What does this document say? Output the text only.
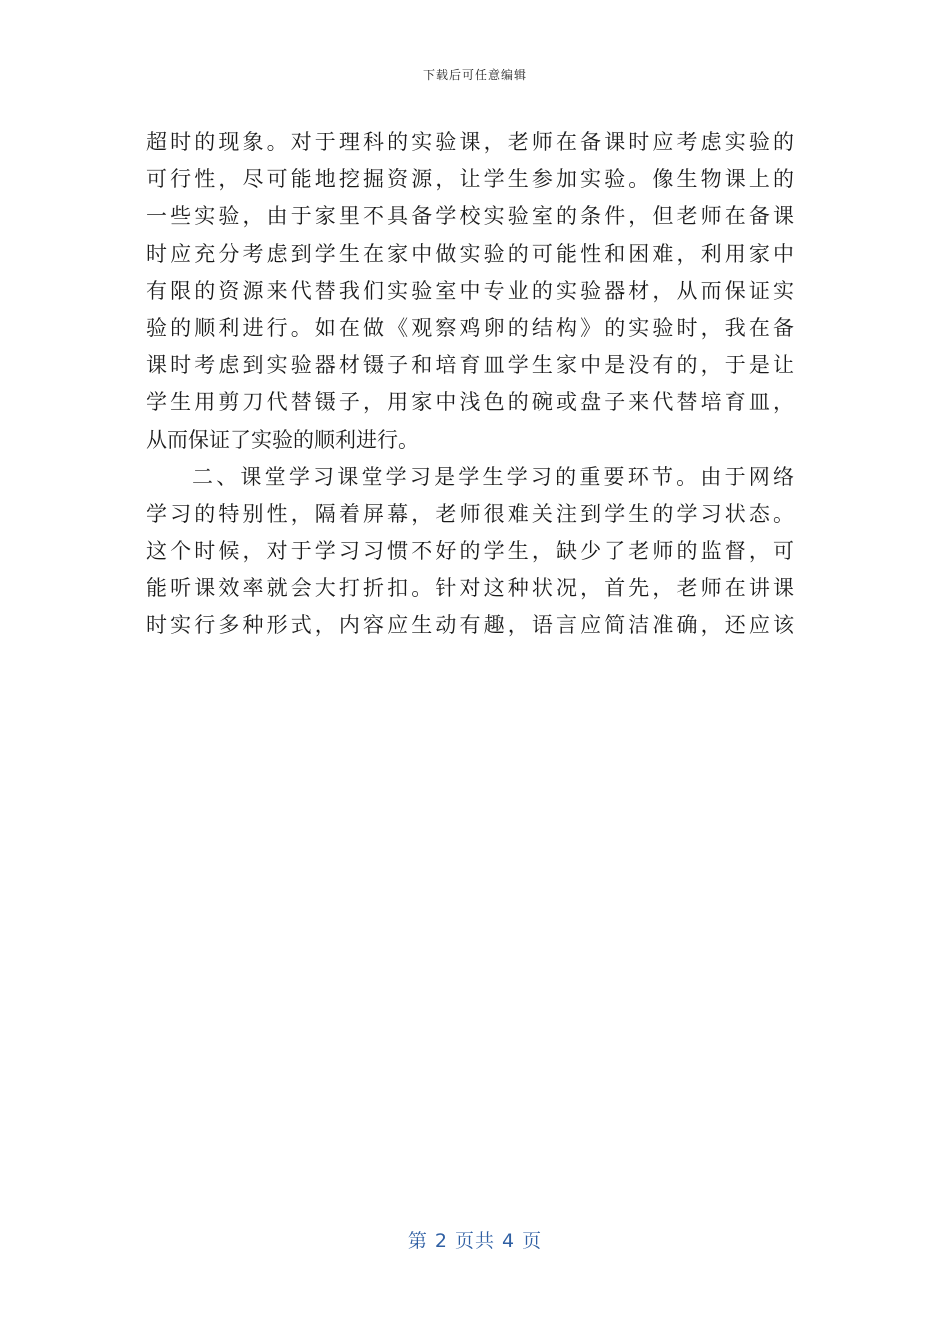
下载后可任意编辑
超时的现象。对于理科的实验课，老师在备课时应考虑实验的
可行性，尽可能地挖掘资源，让学生参加实验。像生物课上的
一些实验，由于家里不具备学校实验室的条件，但老师在备课
时应充分考虑到学生在家中做实验的可能性和困难，利用家中
有限的资源来代替我们实验室中专业的实验器材，从而保证实
验的顺利进行。如在做《观察鸡卵的结构》的实验时，我在备
课时考虑到实验器材镊子和培育皿学生家中是没有的，于是让
学生用剪刀代替镊子，用家中浅色的碗或盘子来代替培育皿，
从而保证了实验的顺利进行。
二、课堂学习课堂学习是学生学习的重要环节。由于网络
学习的特别性，隔着屏幕，老师很难关注到学生的学习状态。
这个时候，对于学习习惯不好的学生，缺少了老师的监督，可
能听课效率就会大打折扣。针对这种状况，首先，老师在讲课
时实行多种形式，内容应生动有趣，语言应简洁准确，还应该
第 2 页共 4 页
